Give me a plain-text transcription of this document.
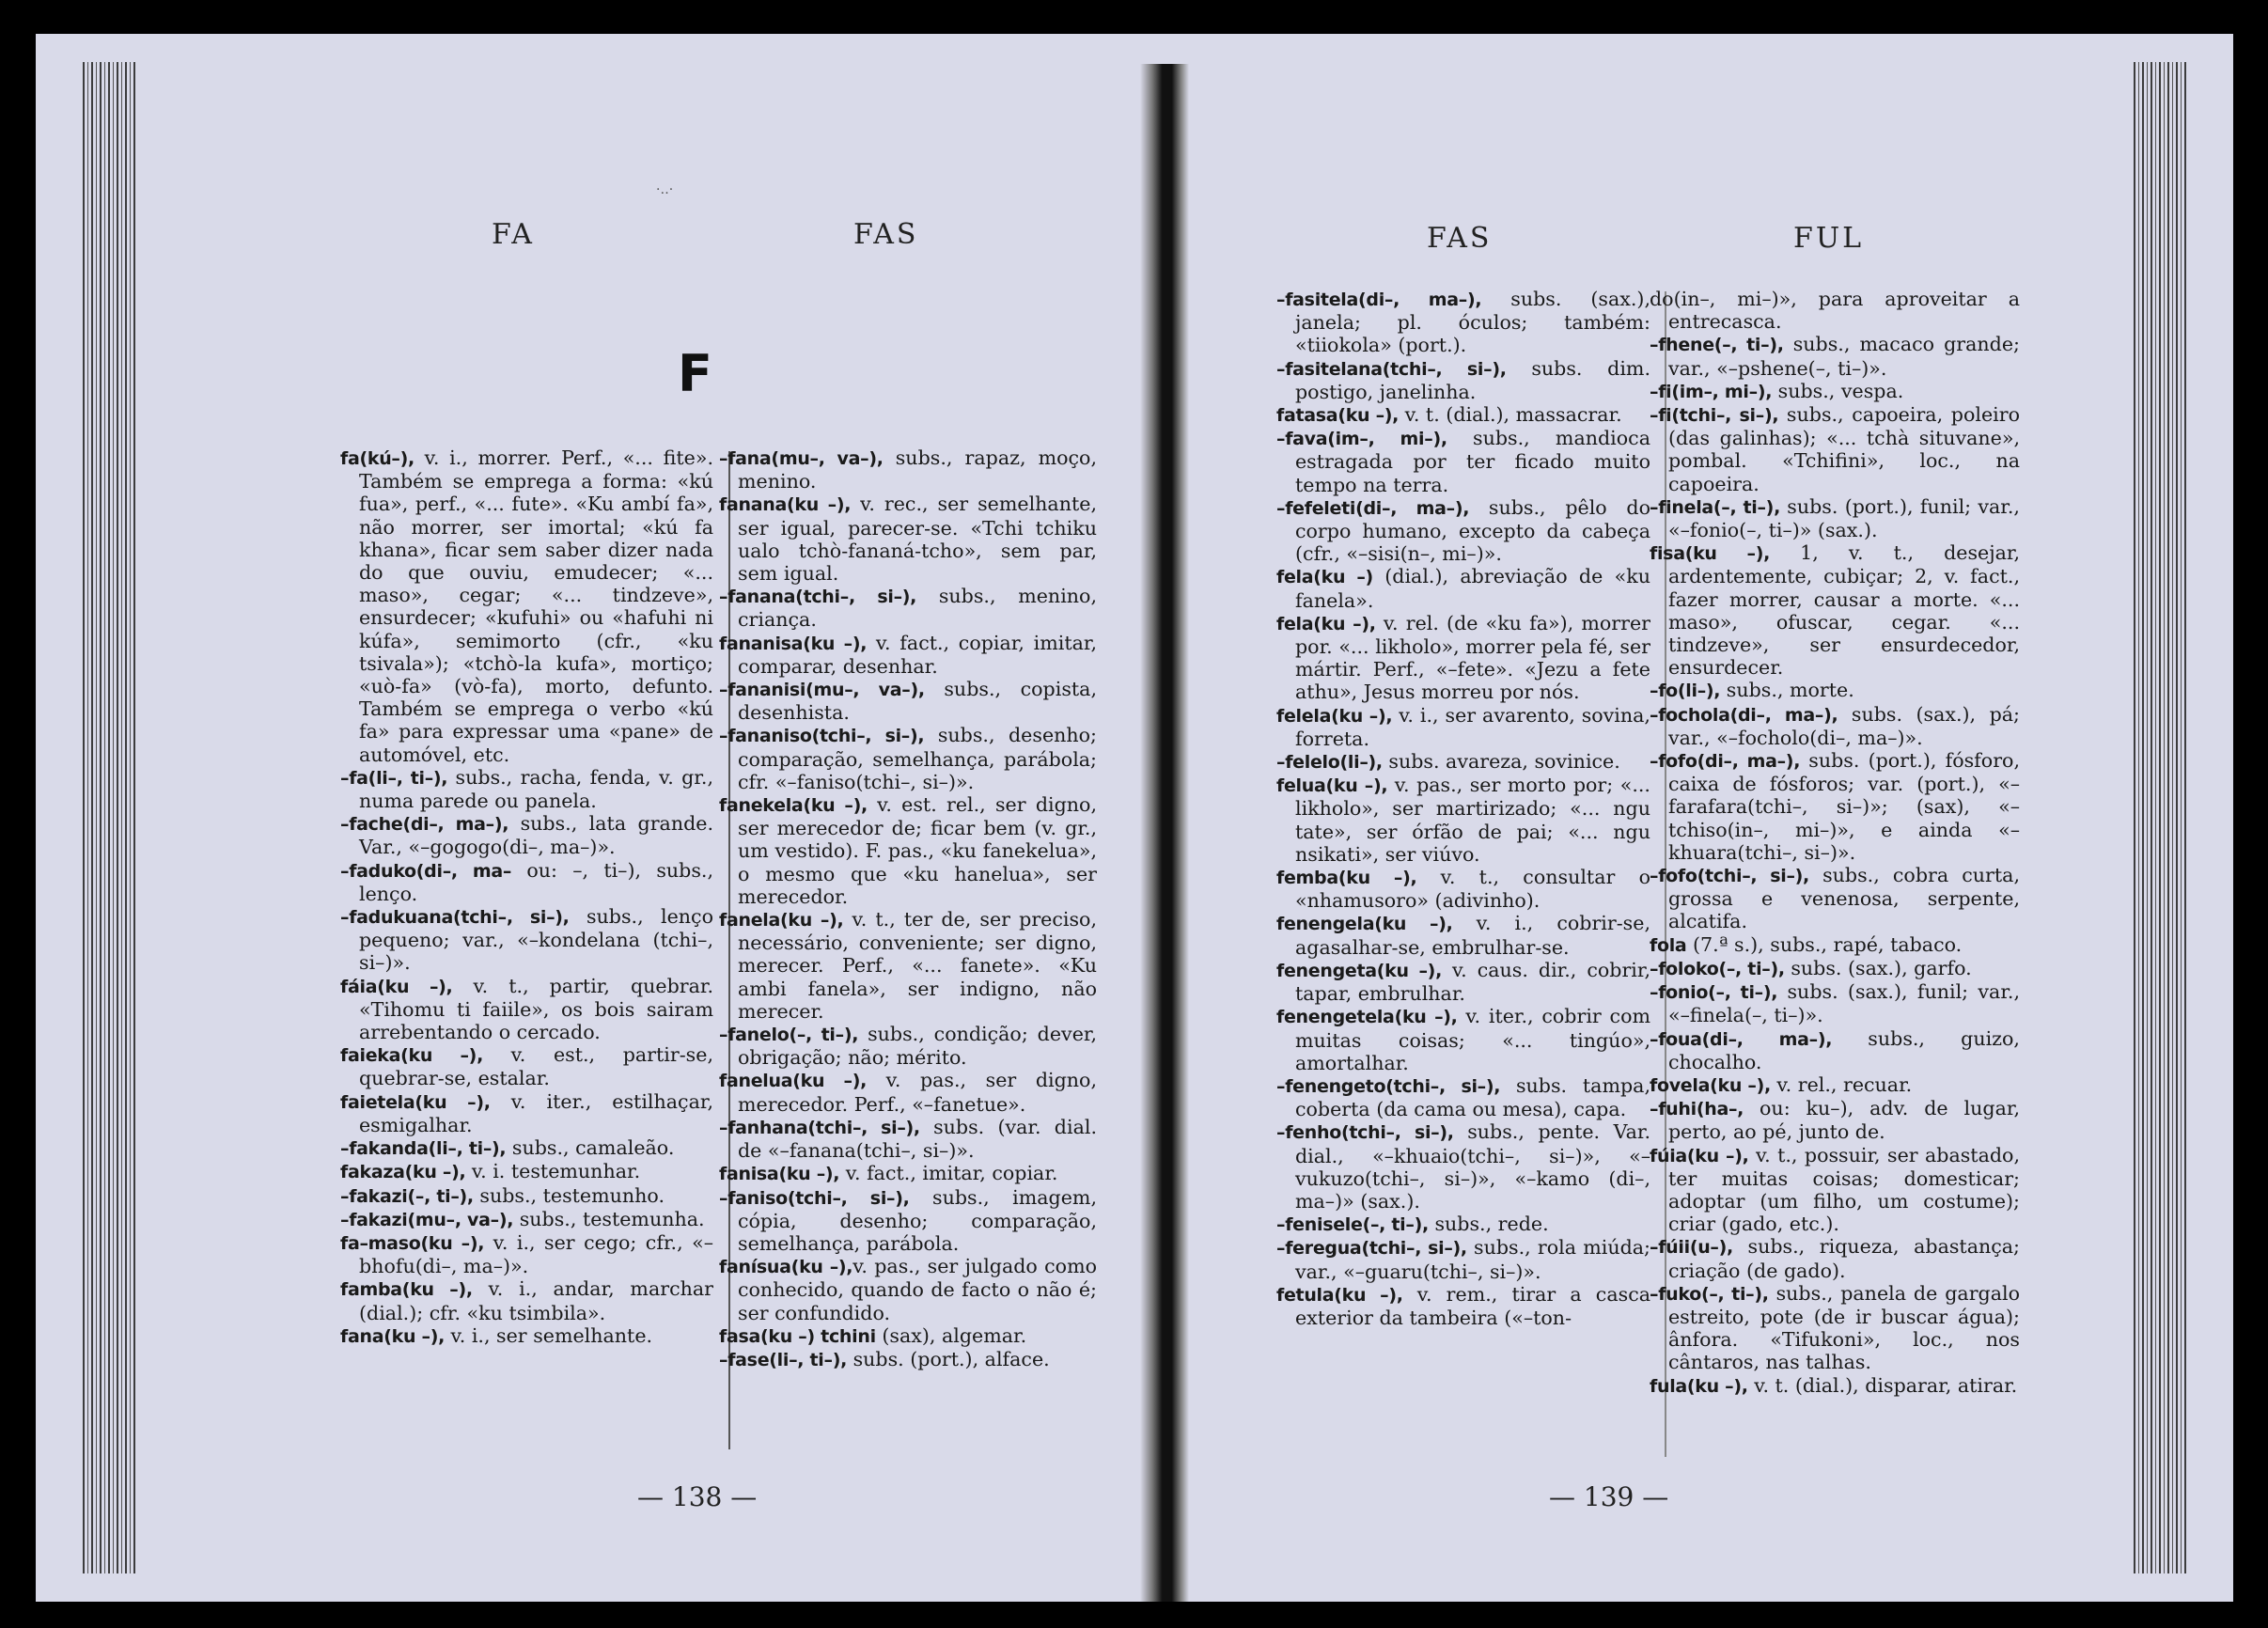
FA	FAS
·‥·
F

fa(kú–), v. i., morrer. Perf., «... fite». Também se emprega a forma: «kú fua», perf., «... fute». «Ku ambí fa», não morrer, ser imortal; «kú fa khana», ficar sem saber dizer nada do que ouviu, emudecer; «... maso», cegar; «... tindzeve», ensurdecer; «kufuhi» ou «hafuhi ni kúfa», semimorto (cfr., «ku tsivala»); «tchò-la kufa», mortiço; «uò-fa» (vò-fa), morto, defunto. Também se emprega o verbo «kú fa» para expressar uma «pane» de automóvel, etc.

–fa(li–, ti–), subs., racha, fenda, v. gr., numa parede ou panela.

–fache(di–, ma–), subs., lata grande. Var., «–gogogo(di–, ma–)».

–faduko(di–, ma– ou: –, ti–), subs., lenço.

–fadukuana(tchi–, si–), subs., lenço pequeno; var., «–kondelana (tchi–, si–)».

fáia(ku –), v. t., partir, quebrar. «Tihomu ti faiile», os bois sairam arrebentando o cercado.

faieka(ku –), v. est., partir-se, quebrar-se, estalar.

faietela(ku –), v. iter., estilhaçar, esmigalhar.

–fakanda(li–, ti–), subs., camaleão.

fakaza(ku –), v. i. testemunhar.

–fakazi(–, ti–), subs., testemunho.

–fakazi(mu–, va–), subs., testemunha.

fa–maso(ku –), v. i., ser cego; cfr., «–bhofu(di–, ma–)».

famba(ku –), v. i., andar, marchar (dial.); cfr. «ku tsimbila».

fana(ku –), v. i., ser semelhante.

–fana(mu–, va–), subs., rapaz, moço, menino.

fanana(ku –), v. rec., ser semelhante, ser igual, parecer-se. «Tchi tchiku ualo tchò-fananá-tcho», sem par, sem igual.

–fanana(tchi–, si–), subs., menino, criança.

fananisa(ku –), v. fact., copiar, imitar, comparar, desenhar.

–fananisi(mu–, va–), subs., copista, desenhista.

–fananiso(tchi–, si–), subs., desenho; comparação, semelhança, parábola; cfr. «–faniso(tchi–, si–)».

fanekela(ku –), v. est. rel., ser digno, ser merecedor de; ficar bem (v. gr., um vestido). F. pas., «ku fanekelua», o mesmo que «ku hanelua», ser merecedor.

fanela(ku –), v. t., ter de, ser preciso, necessário, conveniente; ser digno, merecer. Perf., «... fanete». «Ku ambi fanela», ser indigno, não merecer.

–fanelo(–, ti–), subs., condição; dever, obrigação; não; mérito.

fanelua(ku –), v. pas., ser digno, merecedor. Perf., «–fanetue».

–fanhana(tchi–, si–), subs. (var. dial. de «–fanana(tchi–, si–)».

fanisa(ku –), v. fact., imitar, copiar.

–faniso(tchi–, si–), subs., imagem, cópia, desenho; comparação, semelhança, parábola.

fanísua(ku –),v. pas., ser julgado como conhecido, quando de facto o não é; ser confundido.

fasa(ku –) tchini (sax), algemar.

–fase(li–, ti–), subs. (port.), alface.

— 138 —
FAS	FUL

–fasitela(di–, ma–), subs. (sax.), janela; pl. óculos; também: «tiiokola» (port.).

–fasitelana(tchi–, si–), subs. dim. postigo, janelinha.

fatasa(ku –), v. t. (dial.), massacrar.

–fava(im–, mi–), subs., mandioca estragada por ter ficado muito tempo na terra.

–fefeleti(di–, ma–), subs., pêlo do corpo humano, excepto da cabeça (cfr., «–sisi(n–, mi–)».

fela(ku –) (dial.), abreviação de «ku fanela».

fela(ku –), v. rel. (de «ku fa»), morrer por. «... likholo», morrer pela fé, ser mártir. Perf., «–fete». «Jezu a fete athu», Jesus morreu por nós.

felela(ku –), v. i., ser avarento, sovina, forreta.

–felelo(li–), subs. avareza, sovinice.

felua(ku –), v. pas., ser morto por; «... likholo», ser martirizado; «... ngu tate», ser órfão de pai; «... ngu nsikati», ser viúvo.

femba(ku –), v. t., consultar o «nhamusoro» (adivinho).

fenengela(ku –), v. i., cobrir-se, agasalhar-se, embrulhar-se.

fenengeta(ku –), v. caus. dir., cobrir, tapar, embrulhar.

fenengetela(ku –), v. iter., cobrir com muitas coisas; «... tingúo», amortalhar.

–fenengeto(tchi–, si–), subs. tampa, coberta (da cama ou mesa), capa.

–fenho(tchi–, si–), subs., pente. Var. dial., «–khuaio(tchi–, si–)», «–vukuzo(tchi–, si–)», «–kamo (di–, ma–)» (sax.).

–fenisele(–, ti–), subs., rede.

–feregua(tchi–, si–), subs., rola miúda; var., «–guaru(tchi–, si–)».

fetula(ku –), v. rem., tirar a casca exterior da tambeira («–ton-

do(in–, mi–)», para aproveitar a entrecasca.

–fhene(–, ti–), subs., macaco grande; var., «–pshene(–, ti–)».

–fi(im–, mi–), subs., vespa.

–fi(tchi–, si–), subs., capoeira, poleiro (das galinhas); «... tchà situvane», pombal. «Tchifini», loc., na capoeira.

–finela(–, ti–), subs. (port.), funil; var., «–fonio(–, ti–)» (sax.).

fisa(ku –), 1, v. t., desejar, ardentemente, cubiçar; 2, v. fact., fazer morrer, causar a morte. «... maso», ofuscar, cegar. «... tindzeve», ser ensurdecedor, ensurdecer.

–fo(li–), subs., morte.

–fochola(di–, ma–), subs. (sax.), pá; var., «–focholo(di–, ma–)».

–fofo(di–, ma–), subs. (port.), fósforo, caixa de fósforos; var. (port.), «–farafara(tchi–, si–)»; (sax), «–tchiso(in–, mi–)», e ainda «–khuara(tchi–, si–)».

–fofo(tchi–, si–), subs., cobra curta, grossa e venenosa, serpente, alcatifa.

fola (7.ª s.), subs., rapé, tabaco.

–foloko(–, ti–), subs. (sax.), garfo.

–fonio(–, ti–), subs. (sax.), funil; var., «–finela(–, ti–)».

–foua(di–, ma–), subs., guizo, chocalho.

fovela(ku –), v. rel., recuar.

–fuhi(ha–, ou: ku–), adv. de lugar, perto, ao pé, junto de.

fúia(ku –), v. t., possuir, ser abastado, ter muitas coisas; domesticar; adoptar (um filho, um costume); criar (gado, etc.).

–fúii(u–), subs., riqueza, abastança; criação (de gado).

–fuko(–, ti–), subs., panela de gargalo estreito, pote (de ir buscar água); ânfora. «Tifukoni», loc., nos cântaros, nas talhas.

fula(ku –), v. t. (dial.), disparar, atirar.

— 139 —
